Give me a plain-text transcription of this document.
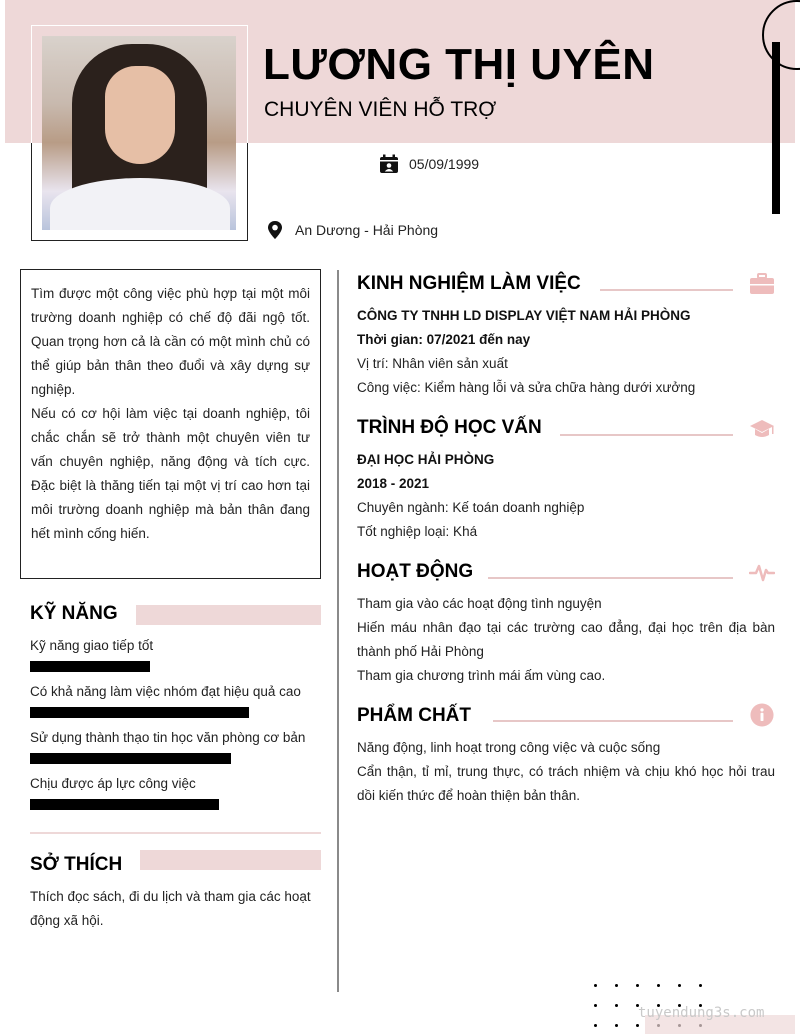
LƯƠNG THỊ UYÊN
CHUYÊN VIÊN HỖ TRỢ
05/09/1999
An Dương - Hải Phòng

Tìm được một công việc phù hợp tại một môi trường doanh nghiệp có chế độ đãi ngộ tốt. Quan trọng hơn cả là cần có một mình chủ có thể giúp bản thân theo đuổi và xây dựng sự nghiệp.

Nếu có cơ hội làm việc tại doanh nghiệp, tôi chắc chắn sẽ trở thành một chuyên viên tư vấn chuyên nghiệp, năng động và tích cực. Đặc biệt là thăng tiến tại một vị trí cao hơn tại môi trường doanh nghiệp mà bản thân đang hết mình cống hiến.

KỸ NĂNG
Kỹ năng giao tiếp tốt
Có khả năng làm việc nhóm đạt hiệu quả cao
Sử dụng thành thạo tin học văn phòng cơ bản
Chịu được áp lực công việc
SỞ THÍCH
Thích đọc sách, đi du lịch và tham gia các hoạt
động xã hội.
KINH NGHIỆM LÀM VIỆC
CÔNG TY TNHH LD DISPLAY VIỆT NAM HẢI PHÒNG
Thời gian: 07/2021 đến nay
Vị trí: Nhân viên sản xuất
Công việc: Kiểm hàng lỗi và sửa chữa hàng dưới xưởng
TRÌNH ĐỘ HỌC VẤN
ĐẠI HỌC HẢI PHÒNG
2018 - 2021
Chuyên ngành: Kế toán doanh nghiệp
Tốt nghiệp loại: Khá
HOẠT ĐỘNG
Tham gia vào các hoạt động tình nguyện
Hiến máu nhân đạo tại các trường cao đẳng, đại học trên địa bàn thành phố Hải Phòng
Tham gia chương trình mái ấm vùng cao.
PHẨM CHẤT
Năng động, linh hoạt trong công việc và cuộc sống
Cẩn thận, tỉ mỉ, trung thực, có trách nhiệm và chịu khó học hỏi trau dồi kiến thức để hoàn thiện bản thân.
tuyendung3s.com
